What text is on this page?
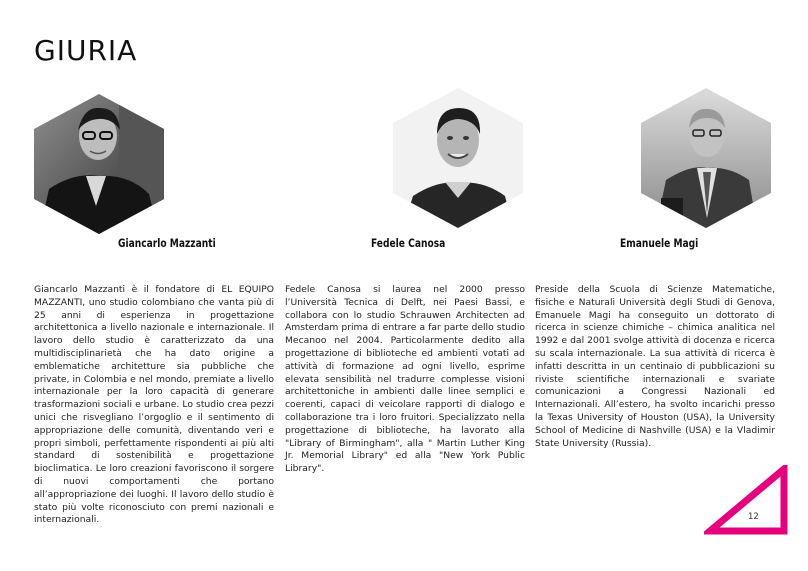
GIURIA
Giancarlo Mazzanti	Fedele Canosa	Emanuele Magi

Giancarlo Mazzanti è il fondatore di EL EQUIPO MAZZANTI, uno studio colombiano che vanta più di 25 anni di esperienza in progettazione architettonica a livello nazionale e internazionale. Il lavoro dello studio è caratterizzato da una multidisciplinarietà che ha dato origine a emblematiche architetture sia pubbliche che private, in Colombia e nel mondo, premiate a livello internazionale per la loro capacità di generare trasformazioni sociali e urbane. Lo studio crea pezzi unici che risvegliano l’orgoglio e il sentimento di appropriazione delle comunità, diventando veri e propri simboli, perfettamente rispondenti ai più alti standard di sostenibilità e progettazione bioclimatica. Le loro creazioni favoriscono il sorgere di nuovi comportamenti che portano all’appropriazione dei luoghi. Il lavoro dello studio è stato più volte riconosciuto con premi nazionali e internazionali.

Fedele Canosa si laurea nel 2000 presso l’Università Tecnica di Delft, nei Paesi Bassi, e collabora con lo studio Schrauwen Architecten ad Amsterdam prima di entrare a far parte dello studio Mecanoo nel 2004. Particolarmente dedito alla progettazione di biblioteche ed ambienti votati ad attività di formazione ad ogni livello, esprime elevata sensibilità nel tradurre complesse visioni architettoniche in ambienti dalle linee semplici e coerenti, capaci di veicolare rapporti di dialogo e collaborazione tra i loro fruitori. Specializzato nella progettazione di biblioteche, ha lavorato alla "Library of Birmingham", alla " Martin Luther King Jr. Memorial Library" ed alla "New York Public Library".

Preside della Scuola di Scienze Matematiche, fisiche e Naturali Università degli Studi di Genova, Emanuele Magi ha conseguito un dottorato di ricerca in scienze chimiche – chimica analitica nel 1992 e dal 2001 svolge attività di docenza e ricerca su scala internazionale. La sua attività di ricerca è infatti descritta in un centinaio di pubblicazioni su riviste scientifiche internazionali e svariate comunicazioni a Congressi Nazionali ed Internazionali. All’estero, ha svolto incarichi presso la Texas University of Houston (USA), la University School of Medicine di Nashville (USA) e la Vladimir State University (Russia).

12
